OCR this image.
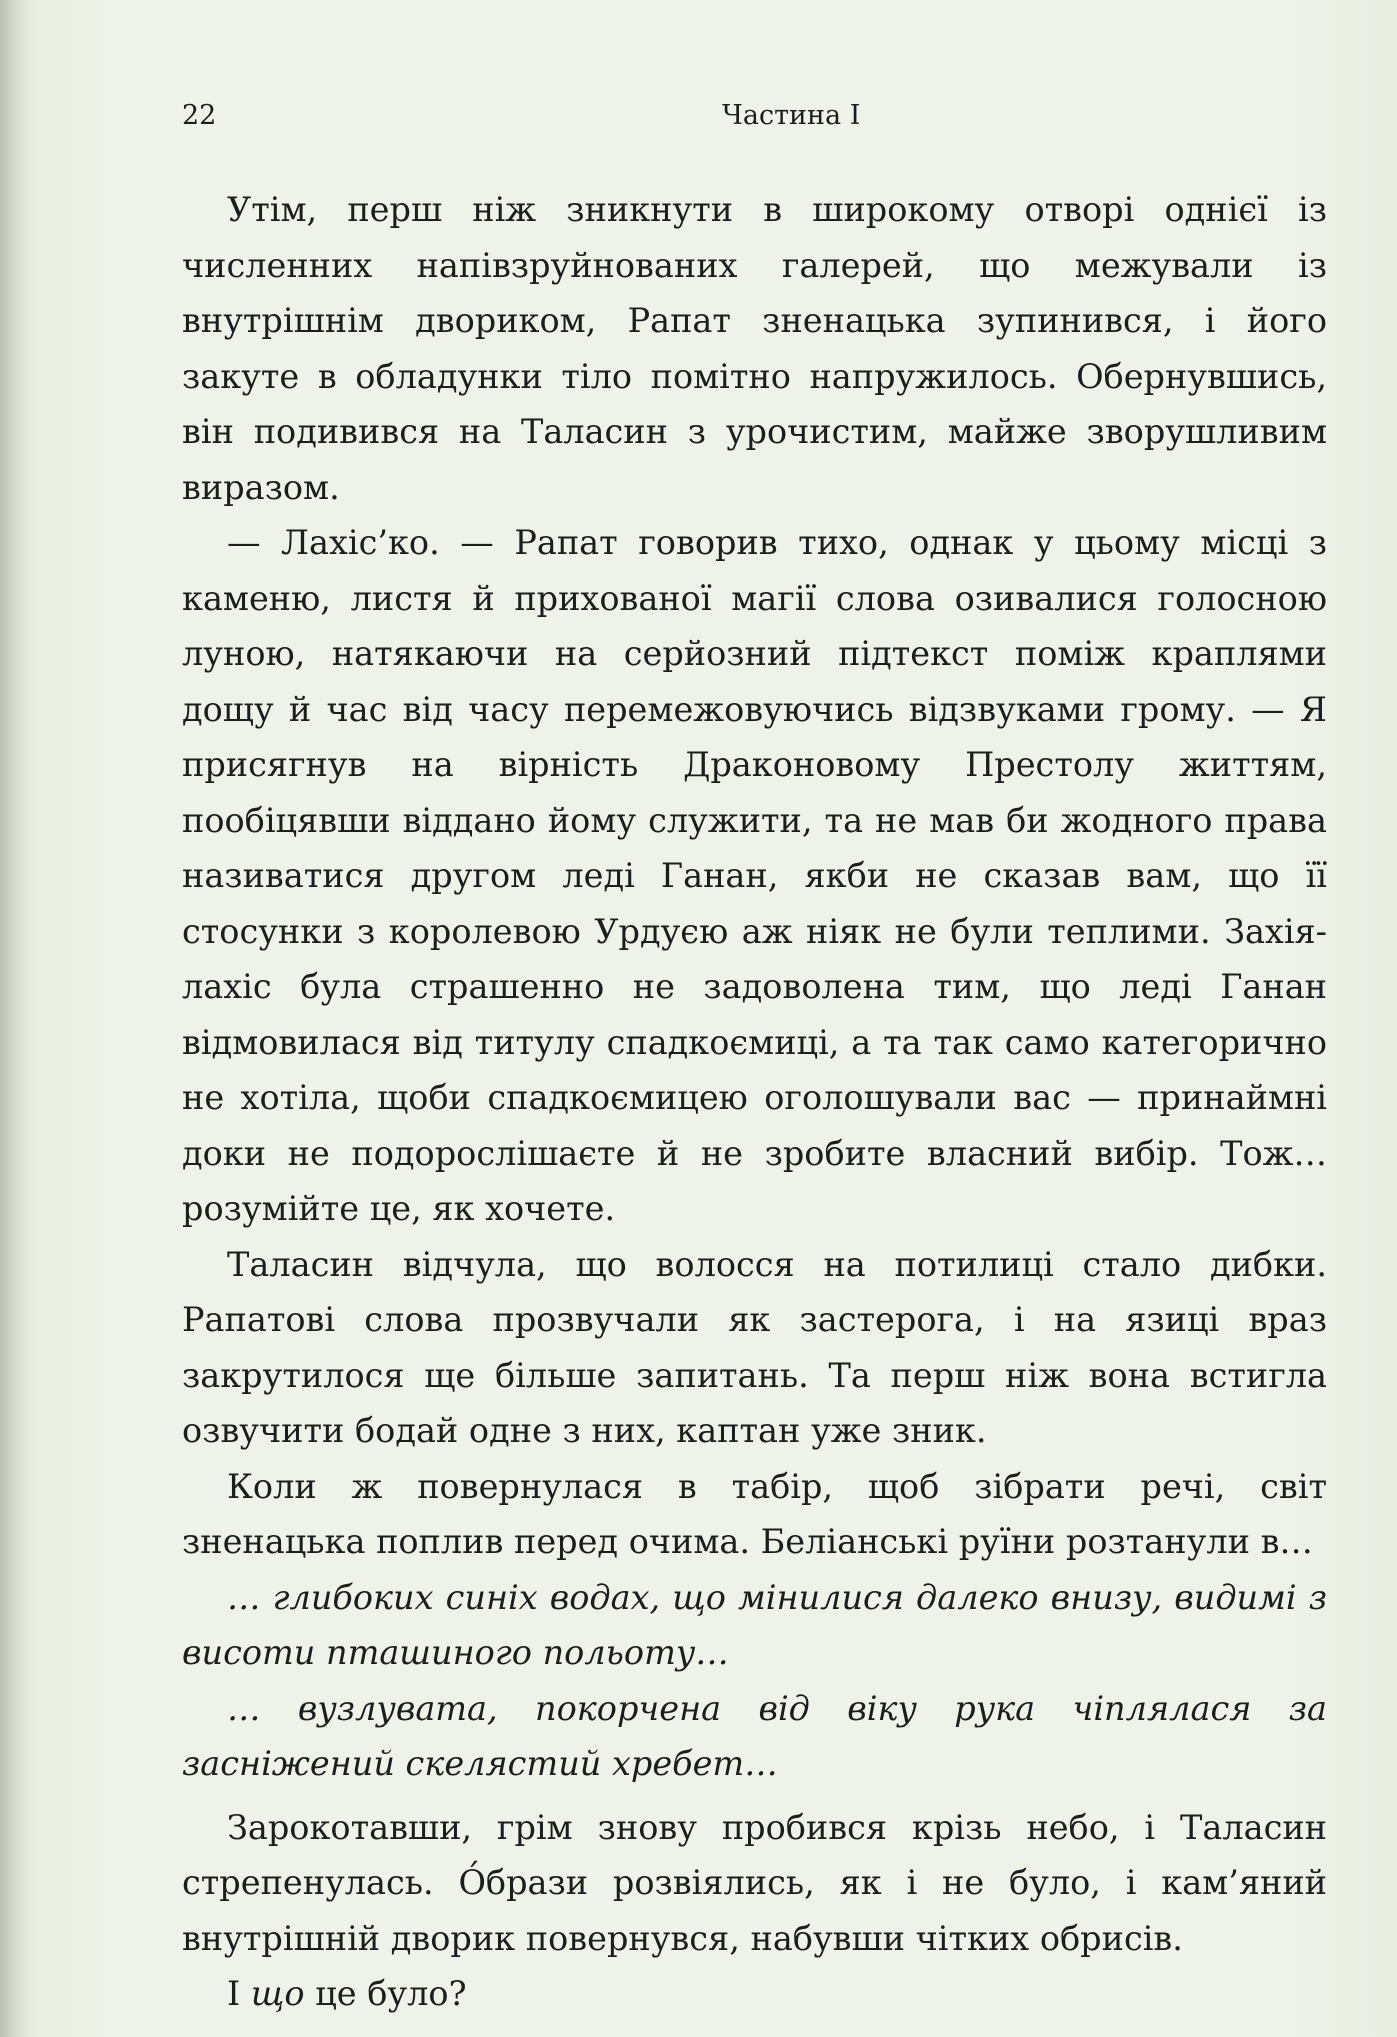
22	Частина І

Утім, перш ніж зникнути в широкому отворі однієї із численних напівзруйнованих галерей, що межували із внутрішнім двориком, Рапат зненацька зупинився, і його закуте в обладунки тіло помітно напружилось. Обернувшись, він подивився на Таласин з урочистим, майже зворушливим виразом.

— Лахіс’ко. — Рапат говорив тихо, однак у цьому місці з каменю, листя й прихованої магії слова озивалися голосною луною, натякаючи на серйозний підтекст поміж краплями дощу й час від часу перемежовуючись відзвуками грому. — Я присягнув на вірність Драконовому Престолу життям, пообіцявши віддано йому служити, та не мав би жодного права називатися другом леді Ганан, якби не сказав вам, що її стосунки з королевою Урдуєю аж ніяк не були теплими. Захія-лахіс була страшенно не задоволена тим, що леді Ганан відмовилася від титулу спадкоємиці, а та так само категорично не хотіла, щоби спадкоємицею оголошували вас — принаймні доки не подорослішаєте й не зробите власний вибір. Тож… розумійте це, як хочете.

Таласин відчула, що волосся на потилиці стало дибки. Рапатові слова прозвучали як застерога, і на язиці враз закрутилося ще більше запитань. Та перш ніж вона встигла озвучити бодай одне з них, каптан уже зник.

Коли ж повернулася в табір, щоб зібрати речі, світ зненацька поплив перед очима. Беліанські руїни розтанули в…

… глибоких синіх водах, що мінилися далеко внизу, видимі з висоти пташиного польоту…

… вузлувата, покорчена від віку рука чіплялася за засніжений скелястий хребет…

Зарокотавши, грім знову пробився крізь небо, і Таласин стрепенулась. О́брази розвіялись, як і не було, і кам’яний внутрішній дворик повернувся, набувши чітких обрисів.

І що це було?
